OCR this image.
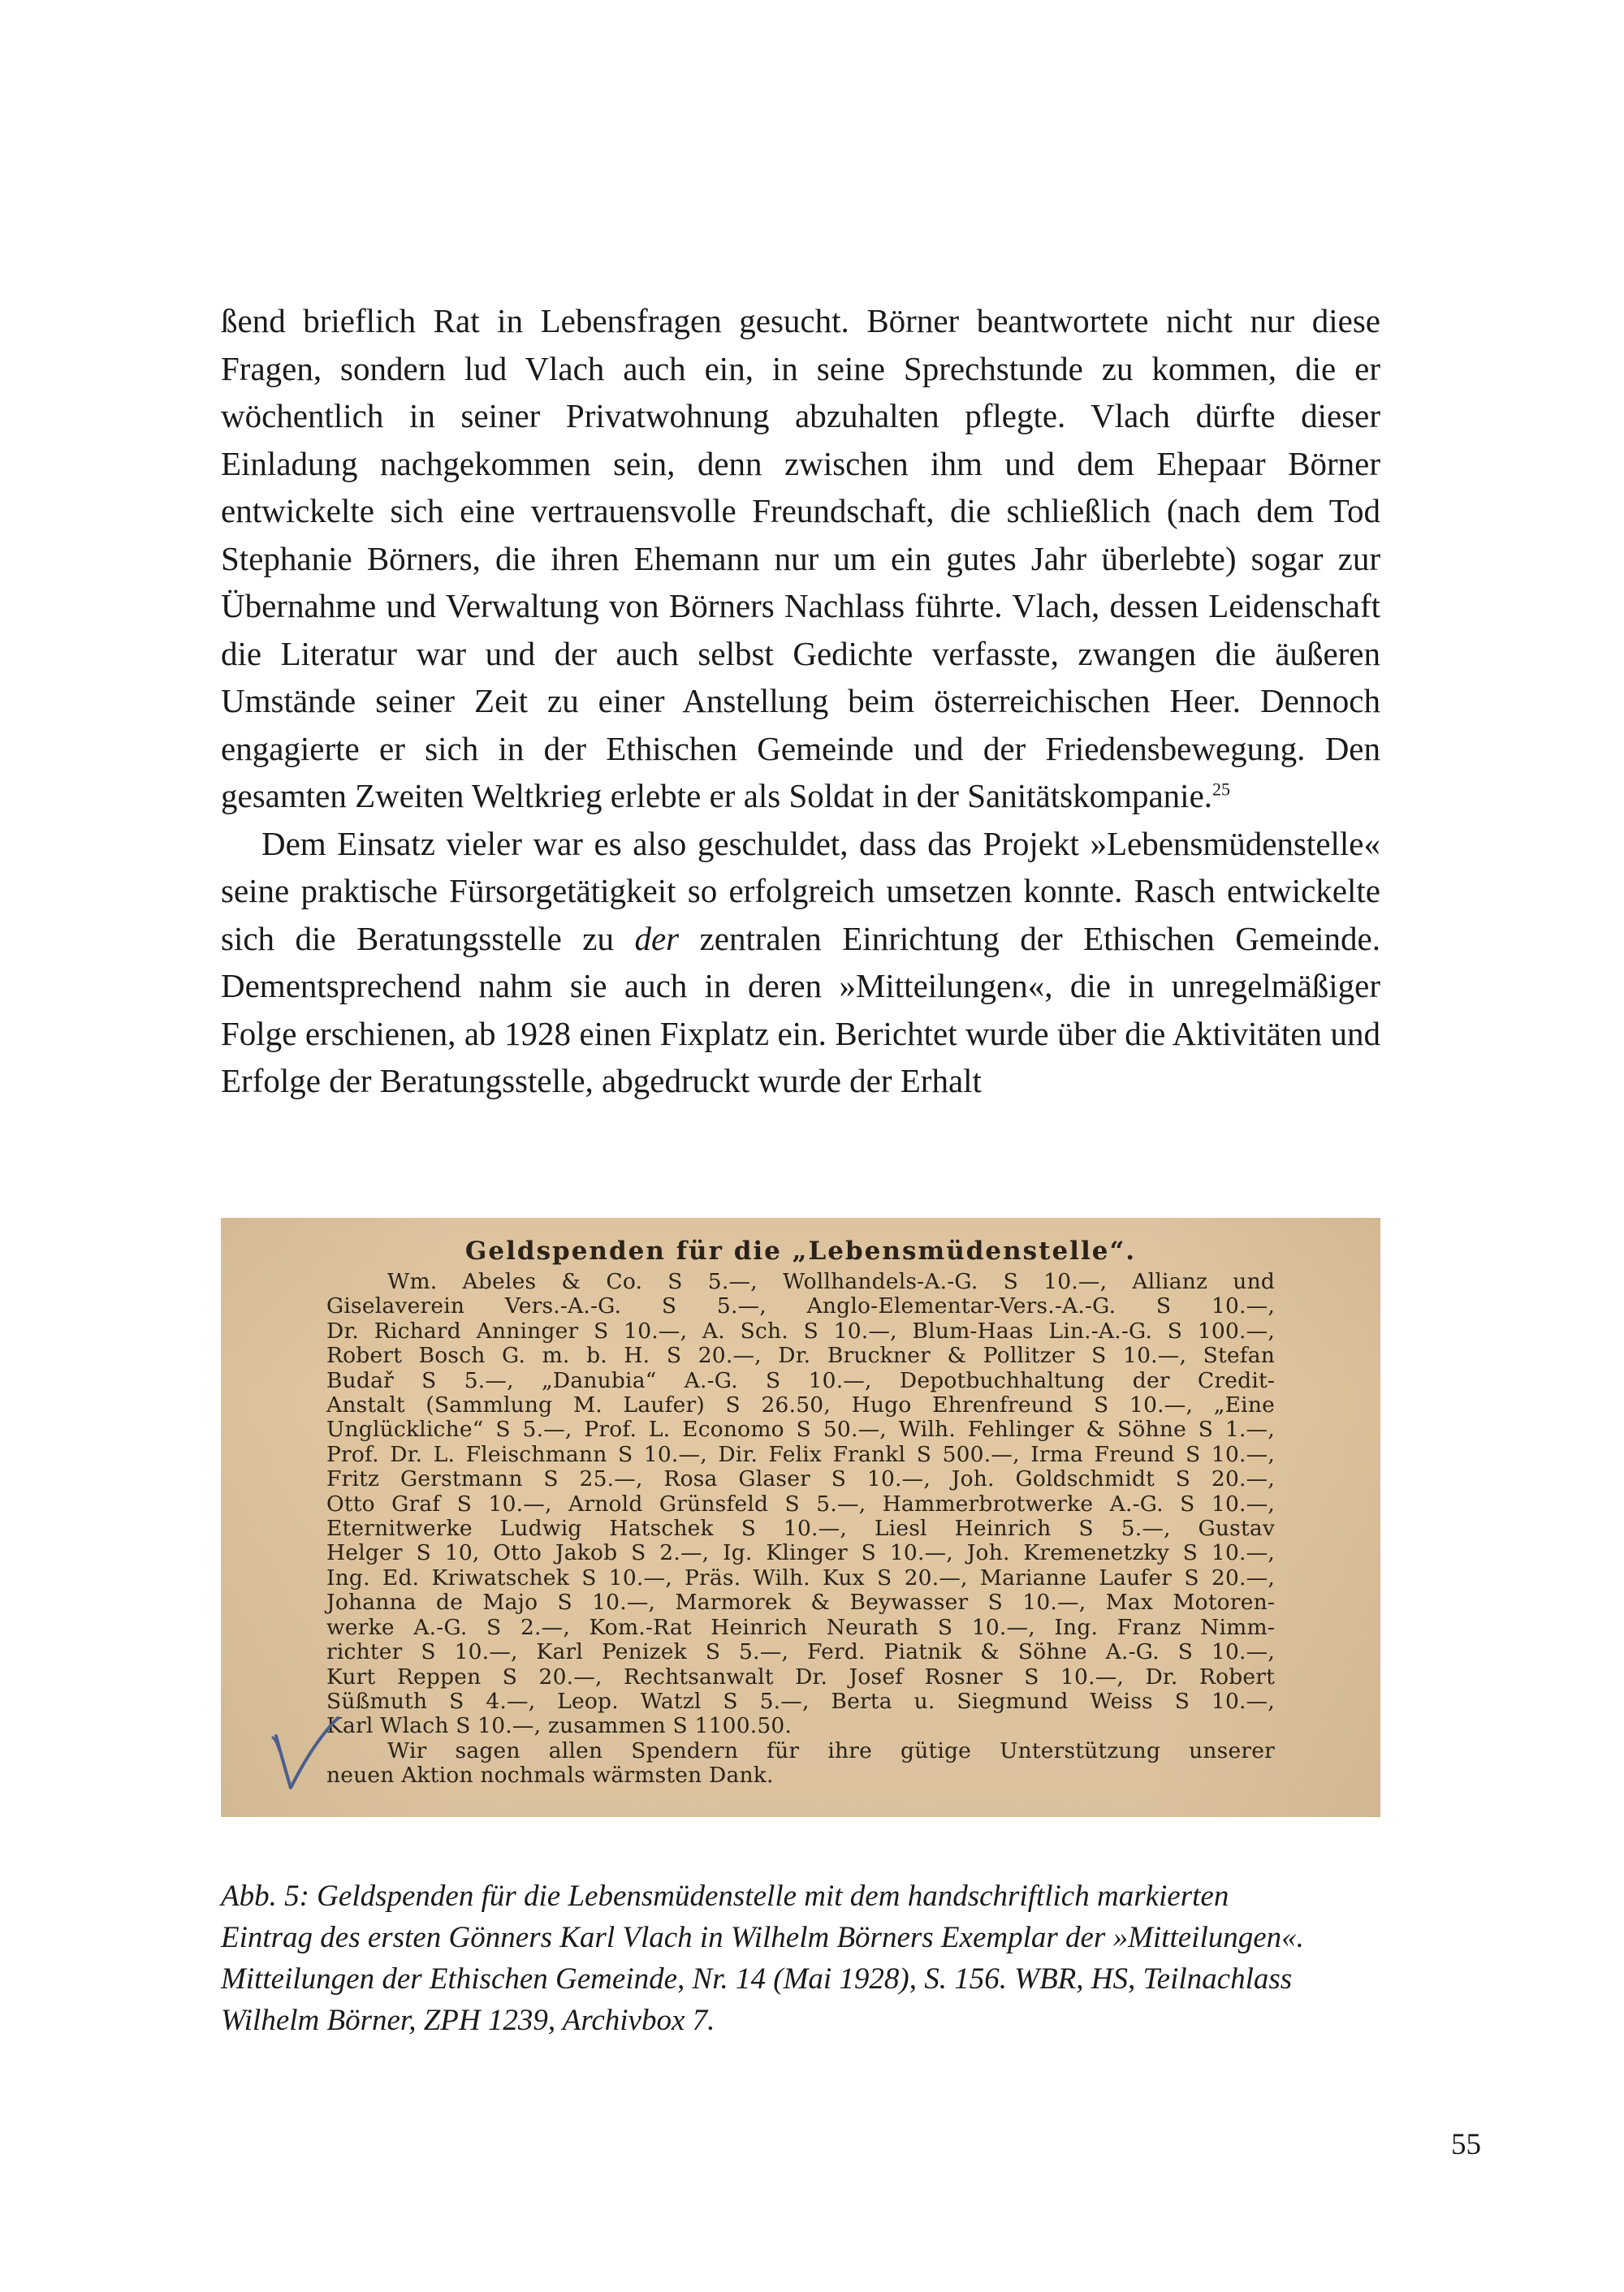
ßend brieflich Rat in Lebensfragen gesucht. Börner beantwortete nicht nur diese Fragen, sondern lud Vlach auch ein, in seine Sprechstunde zu kommen, die er wöchentlich in seiner Privatwohnung abzuhalten pflegte. Vlach dürfte dieser Einladung nachgekommen sein, denn zwischen ihm und dem Ehepaar Börner entwickelte sich eine vertrauensvolle Freundschaft, die schließlich (nach dem Tod Stephanie Börners, die ihren Ehemann nur um ein gutes Jahr überlebte) sogar zur Übernahme und Verwaltung von Börners Nachlass führte. Vlach, dessen Leidenschaft die Literatur war und der auch selbst Gedichte verfasste, zwangen die äußeren Umstände seiner Zeit zu einer Anstellung beim österreichischen Heer. Dennoch engagierte er sich in der Ethischen Gemeinde und der Friedensbewegung. Den gesamten Zweiten Weltkrieg erlebte er als Soldat in der Sanitätskompanie.$^{25}$

Dem Einsatz vieler war es also geschuldet, dass das Projekt »Lebensmüdenstelle« seine praktische Fürsorgetätigkeit so erfolgreich umsetzen konnte. Rasch entwickelte sich die Beratungsstelle zu der zentralen Einrichtung der Ethischen Gemeinde. Dementsprechend nahm sie auch in deren »Mitteilungen«, die in unregelmäßiger Folge erschienen, ab 1928 einen Fixplatz ein. Berichtet wurde über die Aktivitäten und Erfolge der Beratungsstelle, abgedruckt wurde der Erhalt

Geldspenden für die „Lebensmüdenstelle“.
Wm. Abeles & Co. S 5.—, Wollhandels-A.-G. S 10.—, Allianz und
Giselaverein Vers.-A.-G. S 5.—, Anglo-Elementar-Vers.-A.-G. S 10.—,
Dr. Richard Anninger S 10.—, A. Sch. S 10.—, Blum-Haas Lin.-A.-G. S 100.—,
Robert Bosch G. m. b. H. S 20.—, Dr. Bruckner & Pollitzer S 10.—, Stefan
Budař S 5.—, „Danubia“ A.-G. S 10.—, Depotbuchhaltung der Credit-
Anstalt (Sammlung M. Laufer) S 26.50, Hugo Ehrenfreund S 10.—, „Eine
Unglückliche“ S 5.—, Prof. L. Economo S 50.—, Wilh. Fehlinger & Söhne S 1.—,
Prof. Dr. L. Fleischmann S 10.—, Dir. Felix Frankl S 500.—, Irma Freund S 10.—,
Fritz Gerstmann S 25.—, Rosa Glaser S 10.—, Joh. Goldschmidt S 20.—,
Otto Graf S 10.—, Arnold Grünsfeld S 5.—, Hammerbrotwerke A.-G. S 10.—,
Eternitwerke Ludwig Hatschek S 10.—, Liesl Heinrich S 5.—, Gustav
Helger S 10, Otto Jakob S 2.—, Ig. Klinger S 10.—, Joh. Kremenetzky S 10.—,
Ing. Ed. Kriwatschek S 10.—, Präs. Wilh. Kux S 20.—, Marianne Laufer S 20.—,
Johanna de Majo S 10.—, Marmorek & Beywasser S 10.—, Max Motoren-
werke A.-G. S 2.—, Kom.-Rat Heinrich Neurath S 10.—, Ing. Franz Nimm-
richter S 10.—, Karl Penizek S 5.—, Ferd. Piatnik & Söhne A.-G. S 10.—,
Kurt Reppen S 20.—, Rechtsanwalt Dr. Josef Rosner S 10.—, Dr. Robert
Süßmuth S 4.—, Leop. Watzl S 5.—, Berta u. Siegmund Weiss S 10.—,
Karl Wlach S 10.—, zusammen S 1100.50.
Wir sagen allen Spendern für ihre gütige Unterstützung unserer
neuen Aktion nochmals wärmsten Dank.
Abb. 5: Geldspenden für die Lebensmüdenstelle mit dem handschriftlich markierten
Eintrag des ersten Gönners Karl Vlach in Wilhelm Börners Exemplar der »Mitteilungen«.
Mitteilungen der Ethischen Gemeinde, Nr. 14 (Mai 1928), S. 156. WBR, HS, Teilnachlass
Wilhelm Börner, ZPH 1239, Archivbox 7.
55
